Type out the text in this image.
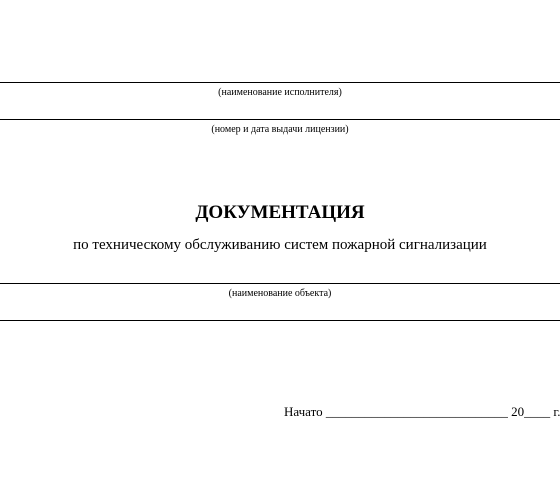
(наименование исполнителя)
(номер и дата выдачи лицензии)
ДОКУМЕНТАЦИЯ
по техническому обслуживанию систем пожарной сигнализации
(наименование объекта)
Начато ____________________________ 20____ г.
